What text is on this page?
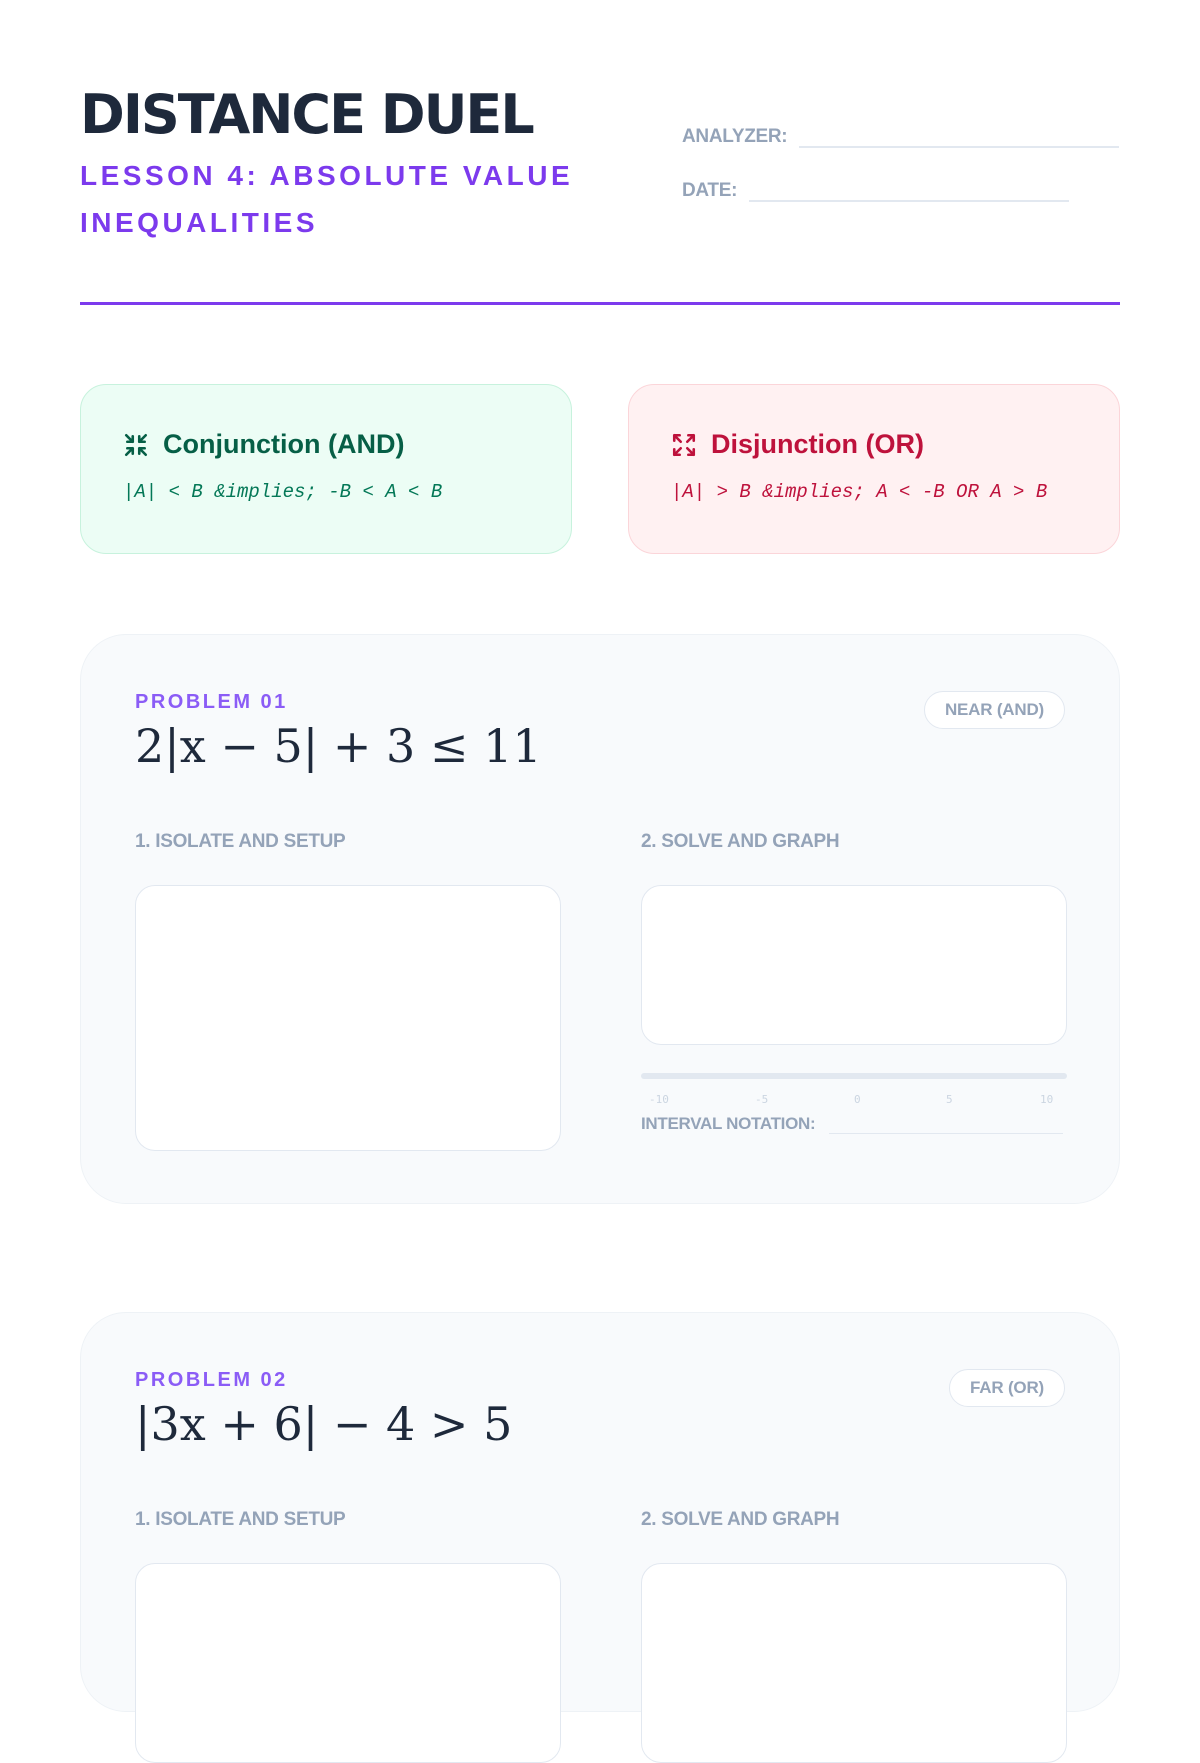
DISTANCE DUEL
LESSON 4: ABSOLUTE VALUE INEQUALITIES
ANALYZER:
DATE:
Conjunction (AND)
|A| < B &implies; -B < A < B
Disjunction (OR)
|A| > B &implies; A < -B OR A > B
PROBLEM 01
2|x − 5| + 3 ≤ 11
NEAR (AND)
1. ISOLATE AND SETUP	2. SOLVE AND GRAPH
-10	-5	0	5	10
INTERVAL NOTATION:
PROBLEM 02
|3x + 6| − 4 > 5
FAR (OR)
1. ISOLATE AND SETUP	2. SOLVE AND GRAPH
